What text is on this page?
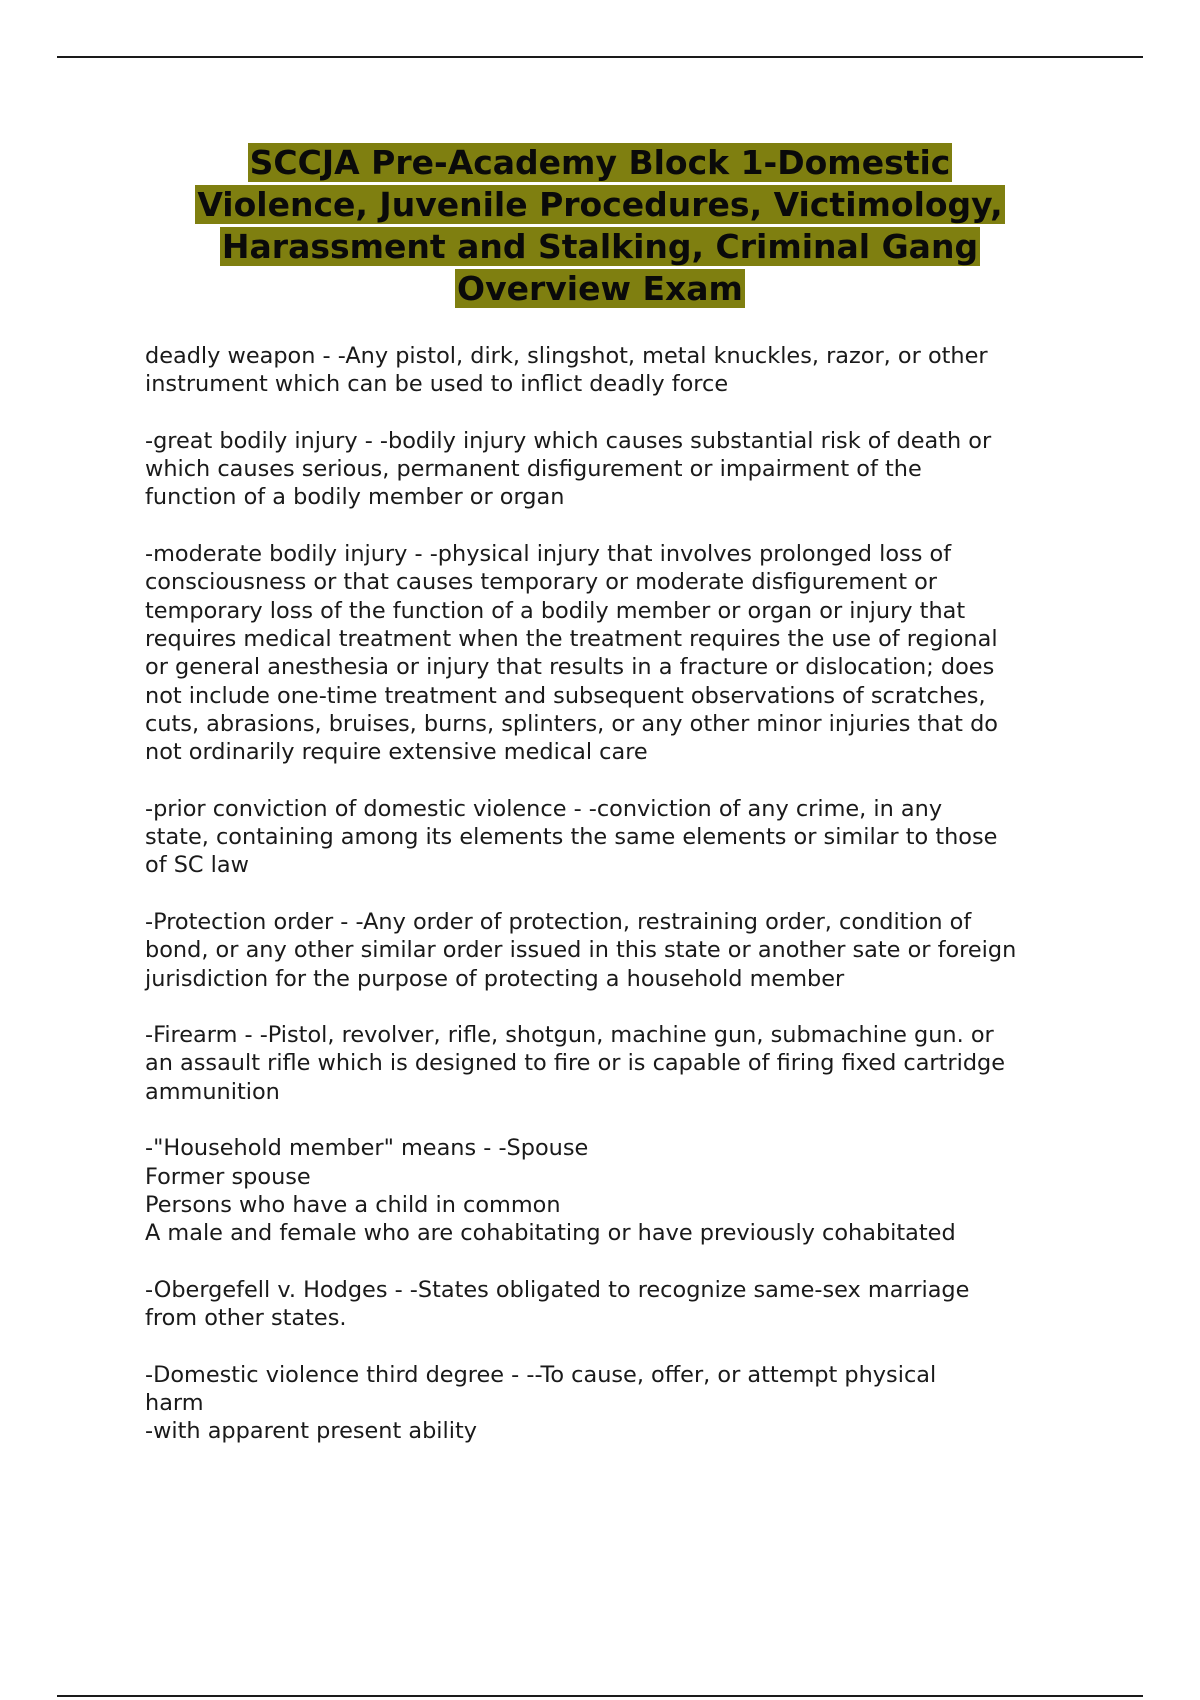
SCCJA Pre-Academy Block 1-Domestic
Violence, Juvenile Procedures, Victimology,
Harassment and Stalking, Criminal Gang
Overview Exam
deadly weapon - -Any pistol, dirk, slingshot, metal knuckles, razor, or other
instrument which can be used to inflict deadly force
-great bodily injury - -bodily injury which causes substantial risk of death or
which causes serious, permanent disfigurement or impairment of the
function of a bodily member or organ
-moderate bodily injury - -physical injury that involves prolonged loss of
consciousness or that causes temporary or moderate disfigurement or
temporary loss of the function of a bodily member or organ or injury that
requires medical treatment when the treatment requires the use of regional
or general anesthesia or injury that results in a fracture or dislocation; does
not include one-time treatment and subsequent observations of scratches,
cuts, abrasions, bruises, burns, splinters, or any other minor injuries that do
not ordinarily require extensive medical care
-prior conviction of domestic violence - -conviction of any crime, in any
state, containing among its elements the same elements or similar to those
of SC law
-Protection order - -Any order of protection, restraining order, condition of
bond, or any other similar order issued in this state or another sate or foreign
jurisdiction for the purpose of protecting a household member
-Firearm - -Pistol, revolver, rifle, shotgun, machine gun, submachine gun. or
an assault rifle which is designed to fire or is capable of firing fixed cartridge
ammunition
-"Household member" means - -Spouse
Former spouse
Persons who have a child in common
A male and female who are cohabitating or have previously cohabitated
-Obergefell v. Hodges - -States obligated to recognize same-sex marriage
from other states.
-Domestic violence third degree - --To cause, offer, or attempt physical
harm
-with apparent present ability
